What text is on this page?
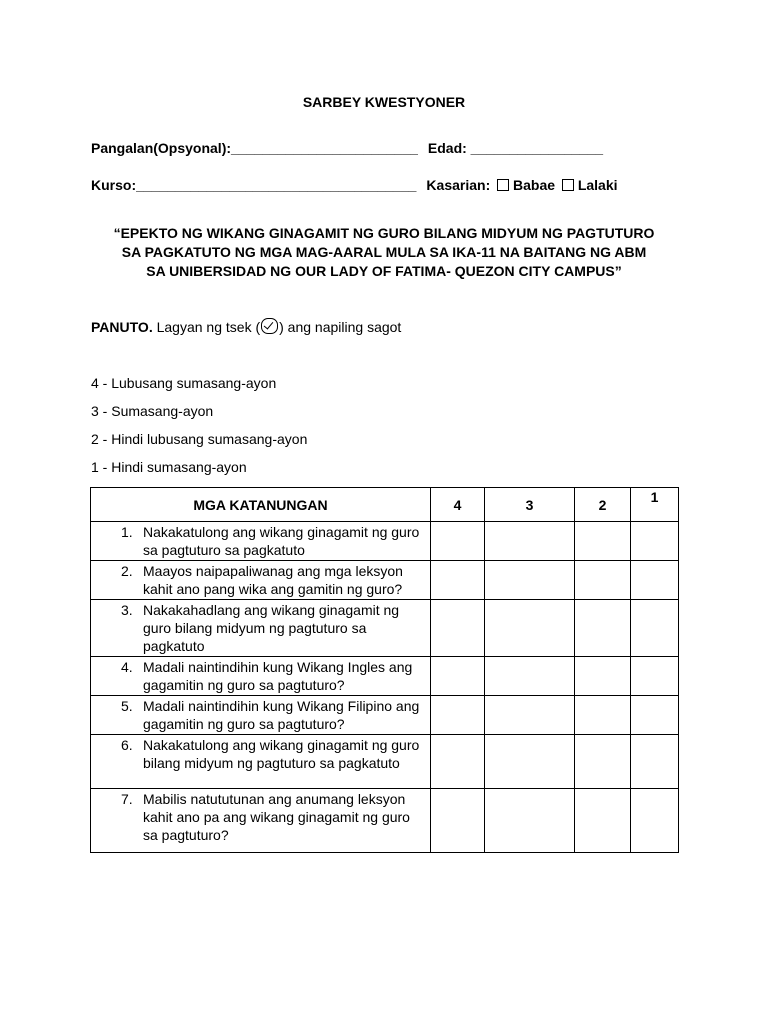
SARBEY KWESTYONER
Pangalan(Opsyonal):________________________ Edad: _________________
Kurso:____________________________________ Kasarian: Babae Lalaki
“EPEKTO NG WIKANG GINAGAMIT NG GURO BILANG MIDYUM NG PAGTUTURO
SA PAGKATUTO NG MGA MAG-AARAL MULA SA IKA-11 NA BAITANG NG ABM
SA UNIBERSIDAD NG OUR LADY OF FATIMA- QUEZON CITY CAMPUS”
PANUTO. Lagyan ng tsek ( ) ang napiling sagot
4 - Lubusang sumasang-ayon
3 - Sumasang-ayon
2 - Hindi lubusang sumasang-ayon
1 - Hindi sumasang-ayon
MGA KATANUNGAN	4	3	2	1

1. Nakakatulong ang wikang ginagamit ng guro sa pagtuturo sa pagkatuto				

2. Maayos naipapaliwanag ang mga leksyon kahit ano pang wika ang gamitin ng guro?				

3. Nakakahadlang ang wikang ginagamit ng guro bilang midyum ng pagtuturo sa pagkatuto				

4. Madali naintindihin kung Wikang Ingles ang gagamitin ng guro sa pagtuturo?				

5. Madali naintindihin kung Wikang Filipino ang gagamitin ng guro sa pagtuturo?				

6. Nakakatulong ang wikang ginagamit ng guro bilang midyum ng pagtuturo sa pagkatuto				

7. Mabilis natututunan ang anumang leksyon kahit ano pa ang wikang ginagamit ng guro sa pagtuturo?				
